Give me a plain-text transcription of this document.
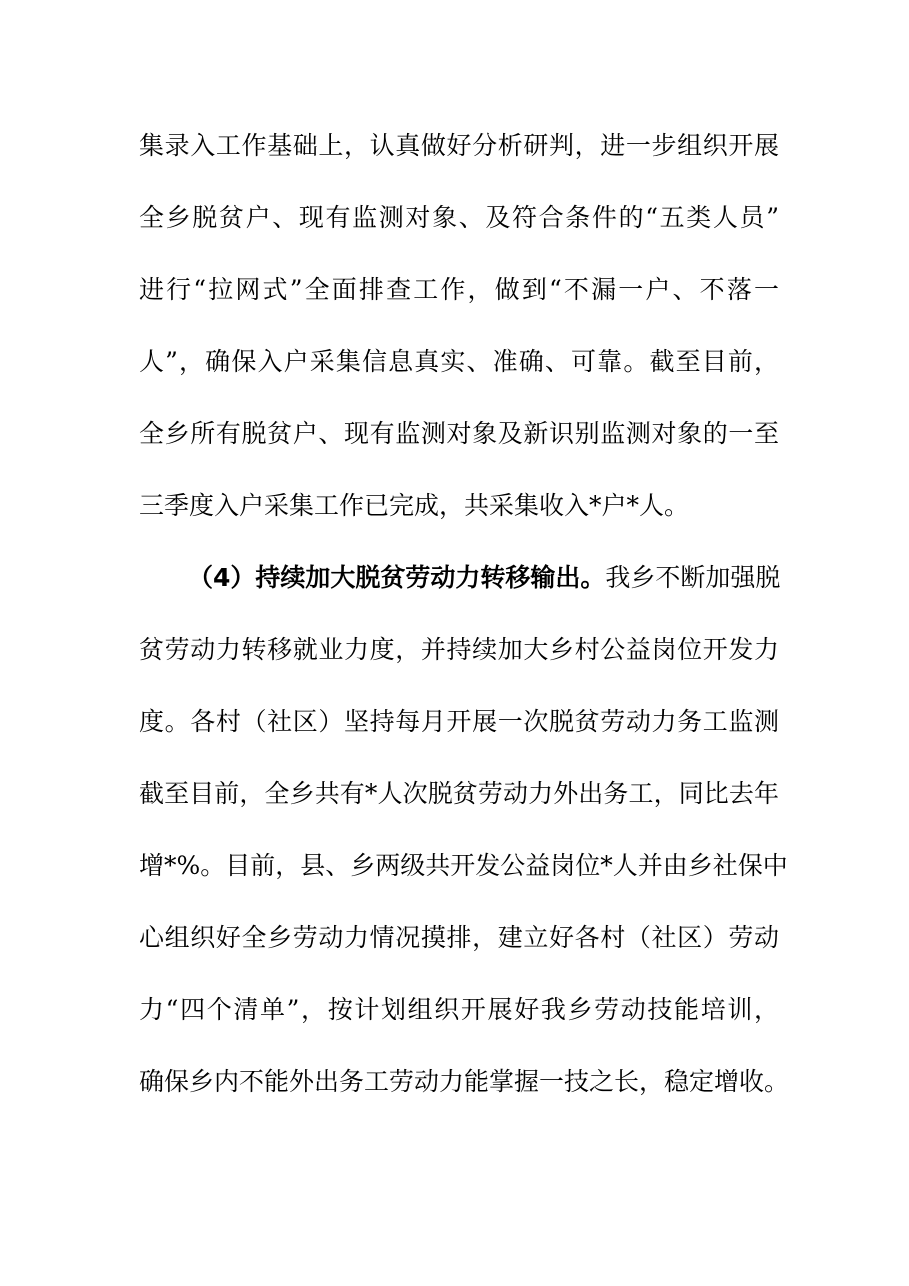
集录入工作基础上，认真做好分析研判，进一步组织开展
全乡脱贫户、现有监测对象、及符合条件的“五类人员”
进行“拉网式”全面排查工作，做到“不漏一户、不落一
人”，确保入户采集信息真实、准确、可靠。截至目前，
全乡所有脱贫户、现有监测对象及新识别监测对象的一至
三季度入户采集工作已完成，共采集收入*户*人。
（4）持续加大脱贫劳动力转移输出。我乡不断加强脱
贫劳动力转移就业力度，并持续加大乡村公益岗位开发力
度。各村（社区）坚持每月开展一次脱贫劳动力务工监测
截至目前，全乡共有*人次脱贫劳动力外出务工，同比去年
增*%。目前，县、乡两级共开发公益岗位*人并由乡社保中
心组织好全乡劳动力情况摸排，建立好各村（社区）劳动
力“四个清单”，按计划组织开展好我乡劳动技能培训，
确保乡内不能外出务工劳动力能掌握一技之长，稳定增收。
